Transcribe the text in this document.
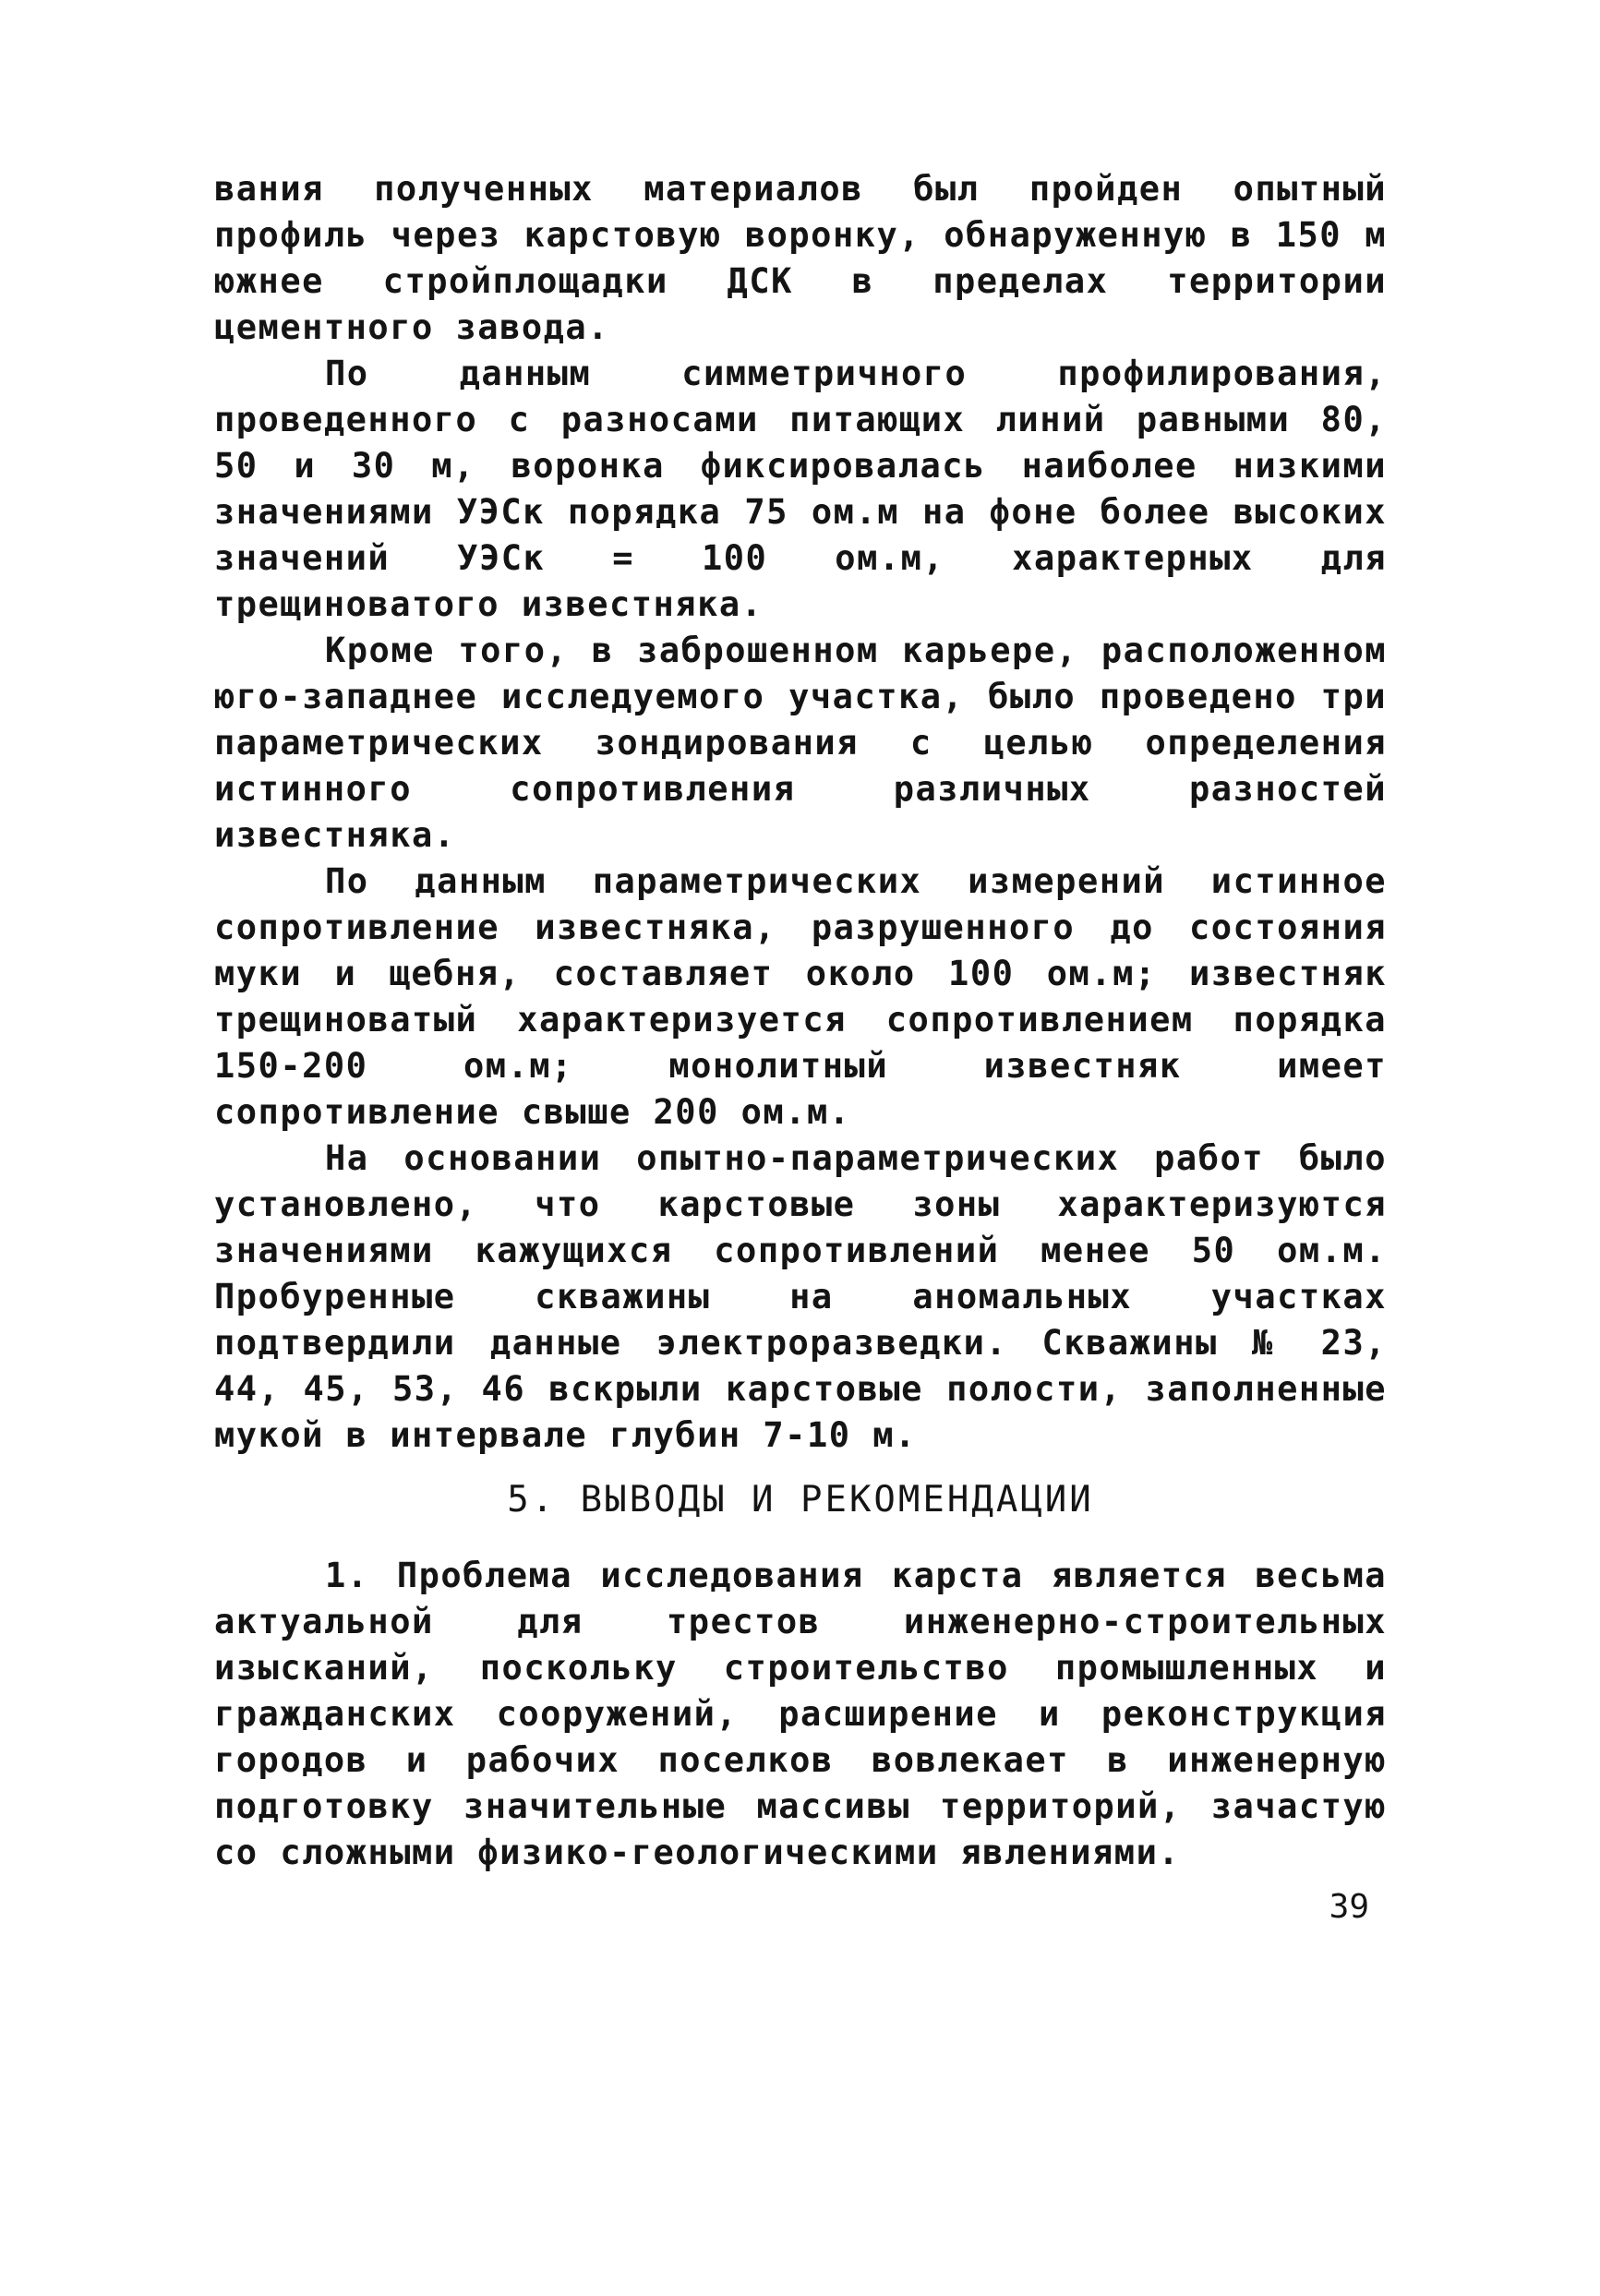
вания полученных материалов был пройден опытный профиль через карстовую воронку, обнаруженную в 150 м южнее стройплощадки ДСК в пределах территории цементного завода.

По данным симметричного профилирования, проведенного с разносами питающих линий равными 80, 50 и 30 м, воронка фиксировалась наиболее низкими значениями УЭСк порядка 75 ом.м на фоне более высоких значений УЭСк = 100 ом.м, характерных для трещиноватого известняка.

Кроме того, в заброшенном карьере, расположенном юго-западнее исследуемого участка, было проведено три параметрических зондирования с целью определения истинного сопротивления различных разностей известняка.

По данным параметрических измерений истинное сопротивление известняка, разрушенного до состояния муки и щебня, составляет около 100 ом.м; известняк трещиноватый характеризуется сопротивлением порядка 150-200 ом.м; монолитный известняк имеет сопротивление свыше 200 ом.м.

На основании опытно-параметрических работ было установлено, что карстовые зоны характеризуются значениями кажущихся сопротивлений менее 50 ом.м. Пробуренные скважины на аномальных участках подтвердили данные электроразведки. Скважины № 23, 44, 45, 53, 46 вскрыли карстовые полости, заполненные мукой в интервале глубин 7-10 м.

5. ВЫВОДЫ И РЕКОМЕНДАЦИИ

1. Проблема исследования карста является весьма актуальной для трестов инженерно-строительных изысканий, поскольку строительство промышленных и гражданских сооружений, расширение и реконструкция городов и рабочих поселков вовлекает в инженерную подготовку значительные массивы территорий, зачастую со сложными физико-геологическими явлениями.

39
